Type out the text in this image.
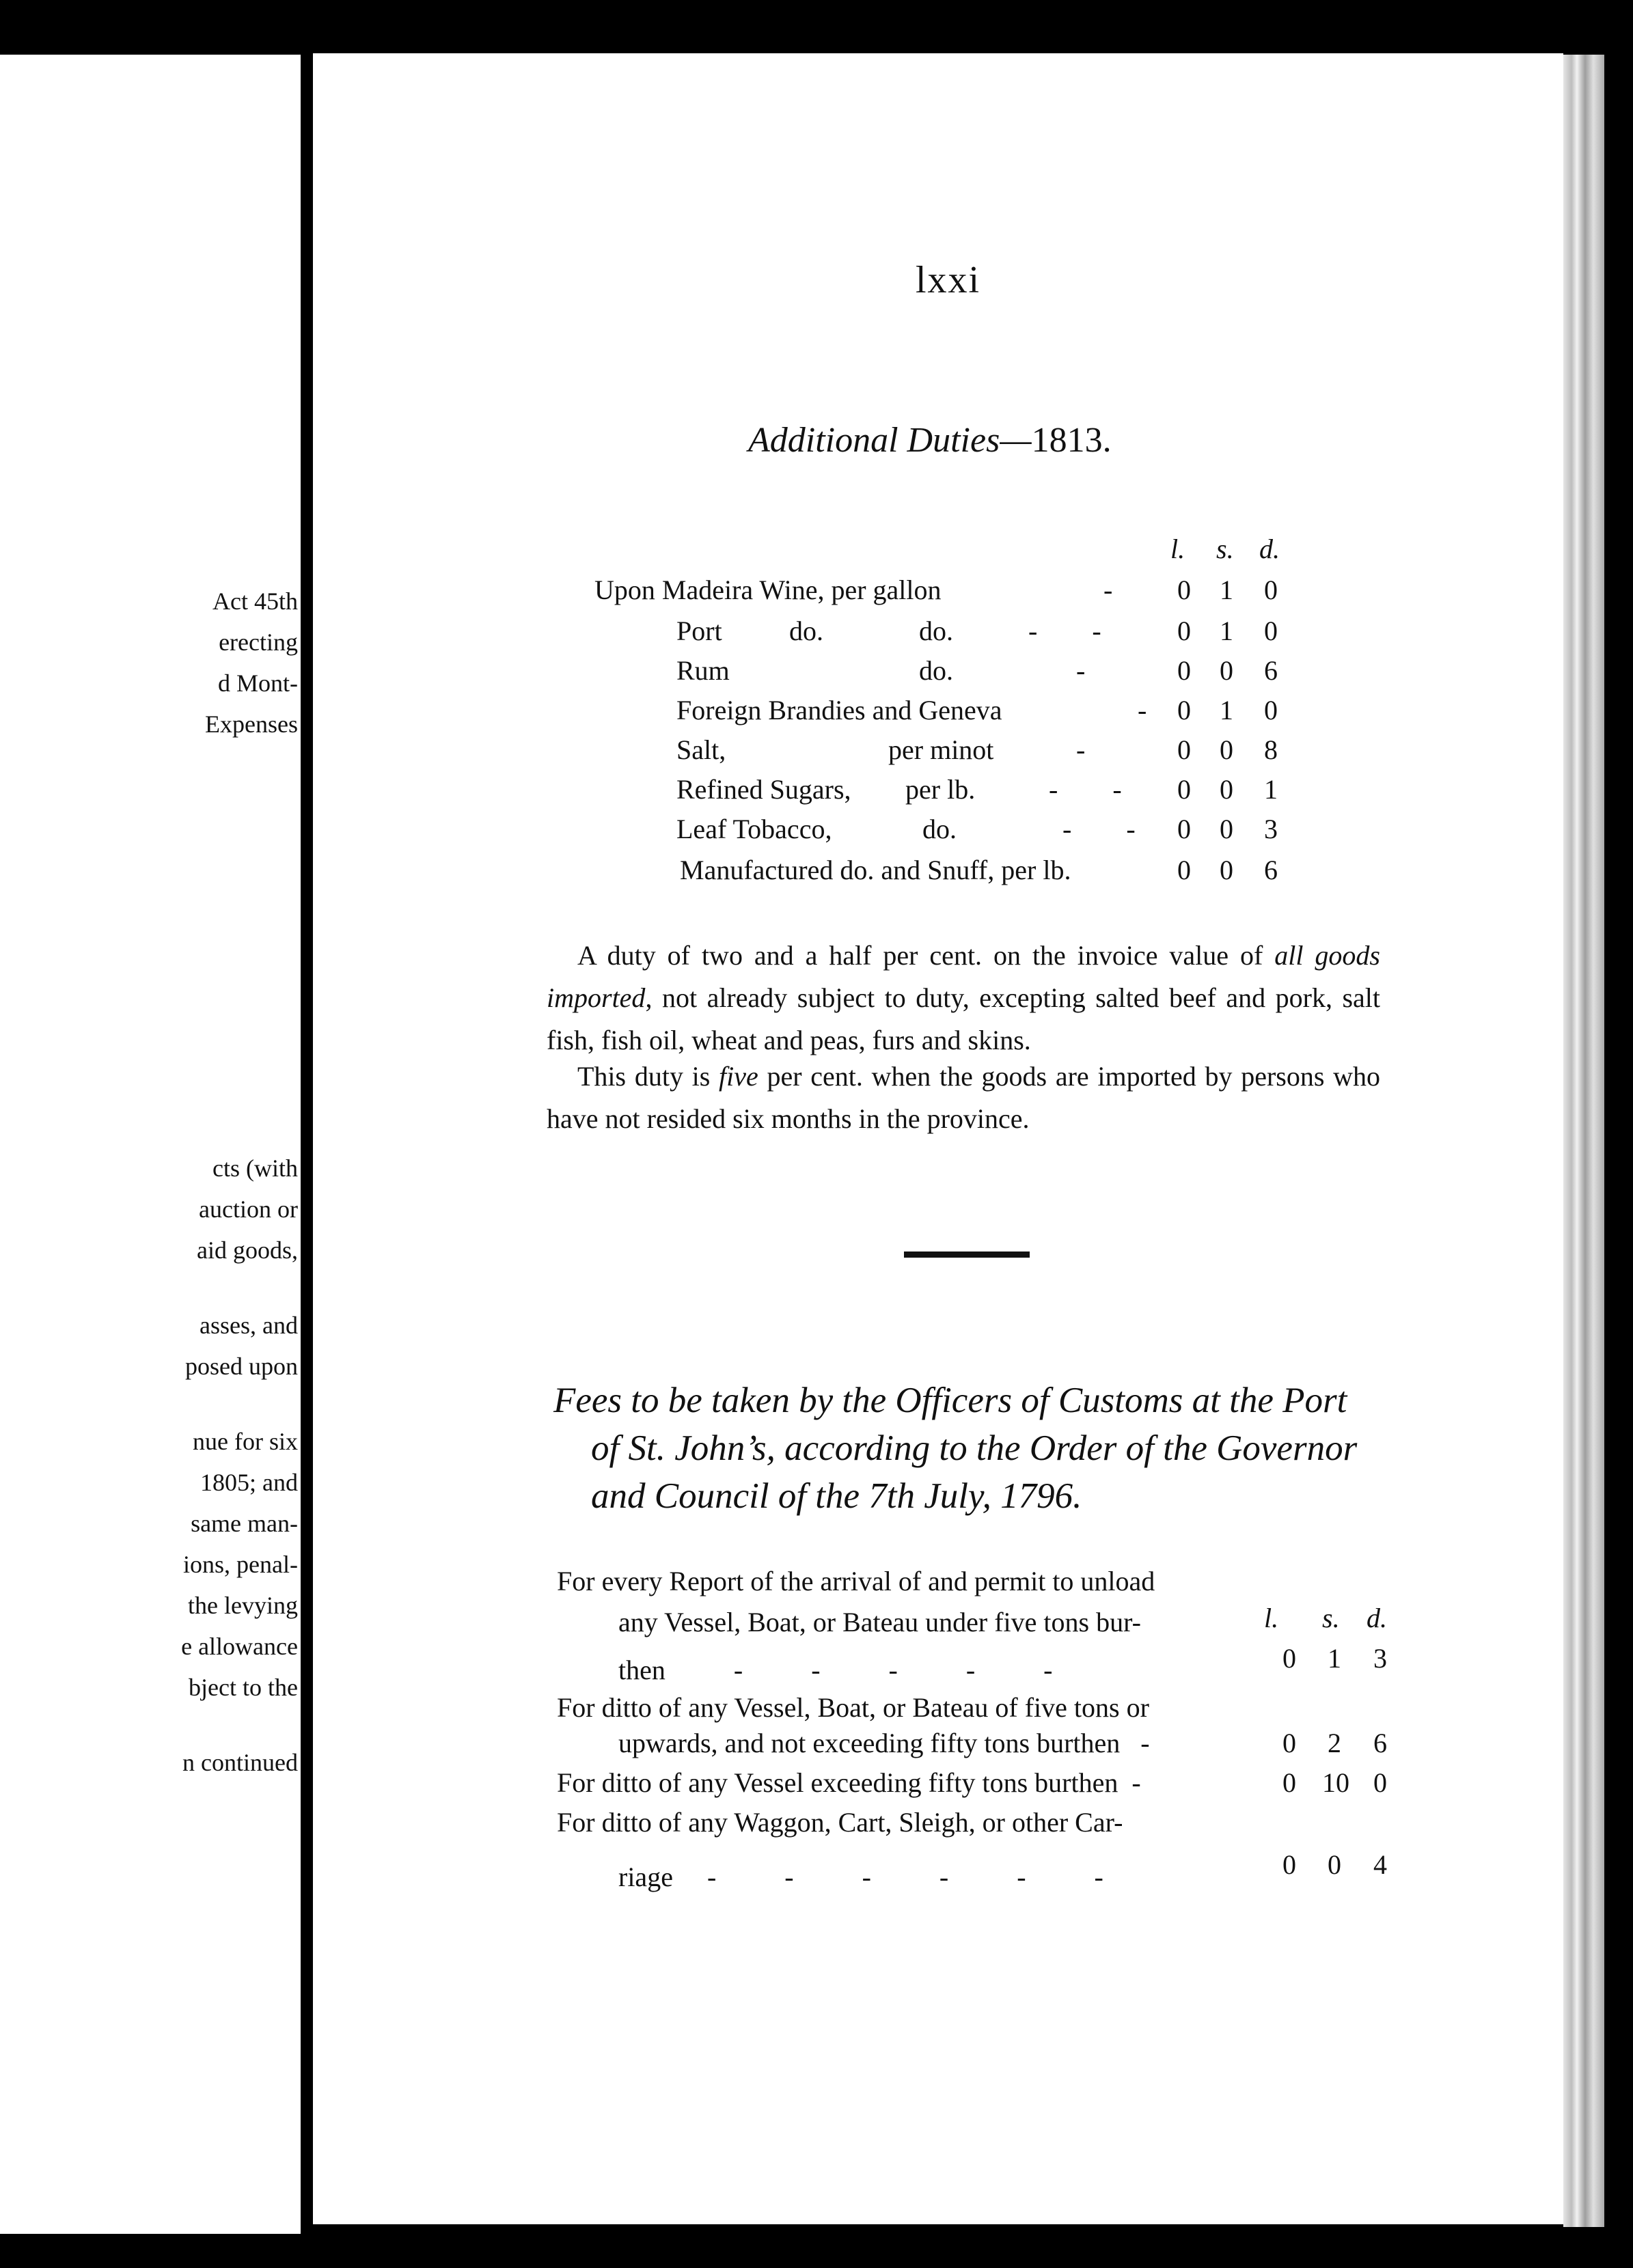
Act 45th

erecting

d Mont-

Expenses

cts (with

auction or

aid goods,

asses, and

posed upon

nue for six

1805; and

same man-

ions, penal-

the levying

e allowance

bject to the

n continued

lxxi
Additional Duties—1813.
l. s. d.
Upon Madeira Wine, per gallon	-	0	1	0
Port do.	do.	-        -	0	1	0
Rum	do.	-	0	0	6
Foreign Brandies and Geneva	-	0	1	0
Salt,	per minot	-	0	0	8
Refined Sugars, per lb.	-        -	0	0	1
Leaf Tobacco,	do.	-        -	0	0	3
Manufactured do. and Snuff, per lb.	0	0	6

A duty of two and a half per cent. on the invoice value of all goods imported, not already subject to duty, excepting salted beef and pork, salt fish, fish oil, wheat and peas, furs and skins.

This duty is five per cent. when the goods are imported by persons who have not resided six months in the province.

Fees to be taken by the Officers of Customs at the Port
of St. John’s, according to the Order of the Governor
and Council of the 7th July, 1796.

For every Report of the arrival of and permit to unload
any Vessel, Boat, or Bateau under five tons bur-	l. s. d.
then          -          -          -          -          -	0	1	3
For ditto of any Vessel, Boat, or Bateau of five tons or
upwards, and not exceeding fifty tons burthen   -	0	2	6
For ditto of any Vessel exceeding fifty tons burthen  -	0 10 0
For ditto of any Waggon, Cart, Sleigh, or other Car-
riage     -          -          -          -          -          -	0	0	4
